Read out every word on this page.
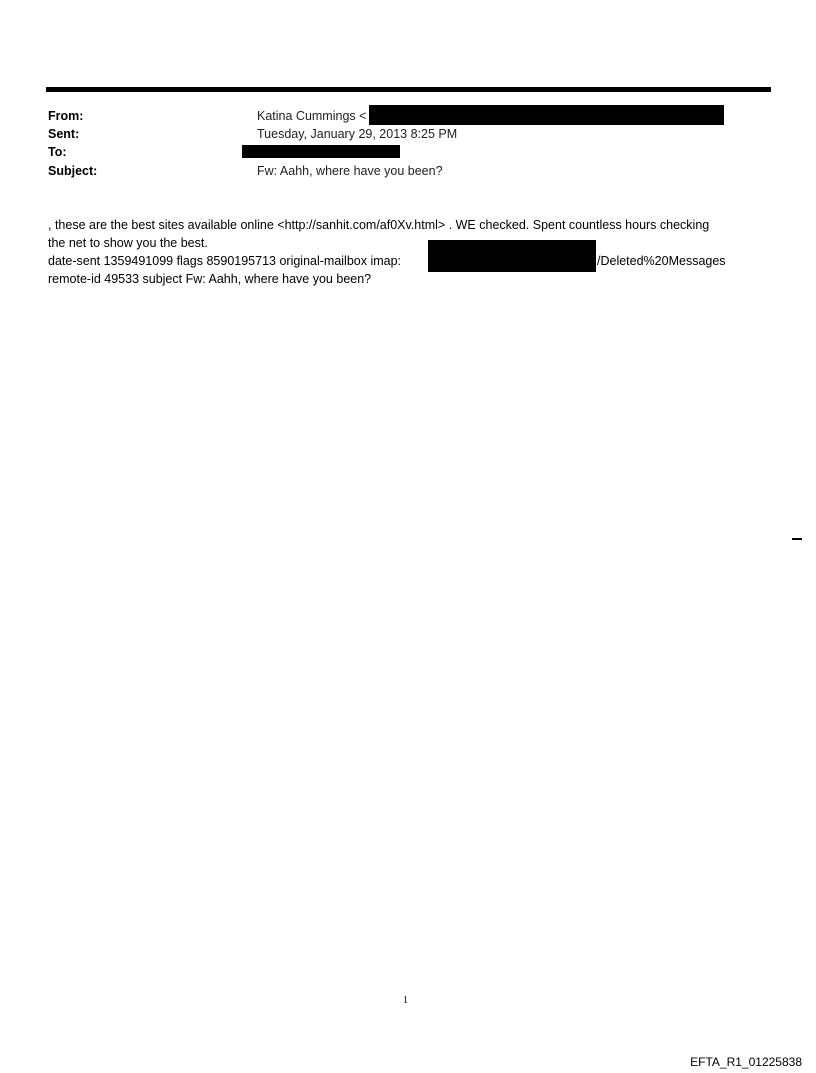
From:	Katina Cummings <
Sent:	Tuesday, January 29, 2013 8:25 PM
To:
Subject:	Fw: Aahh, where have you been?
, these are the best sites available online <http://sanhit.com/af0Xv.html> . WE checked. Spent countless hours checking
the net to show you the best.
date-sent 1359491099 flags 8590195713 original-mailbox imap:	/Deleted%20Messages
remote-id 49533 subject Fw: Aahh, where have you been?
1
EFTA_R1_01225838
